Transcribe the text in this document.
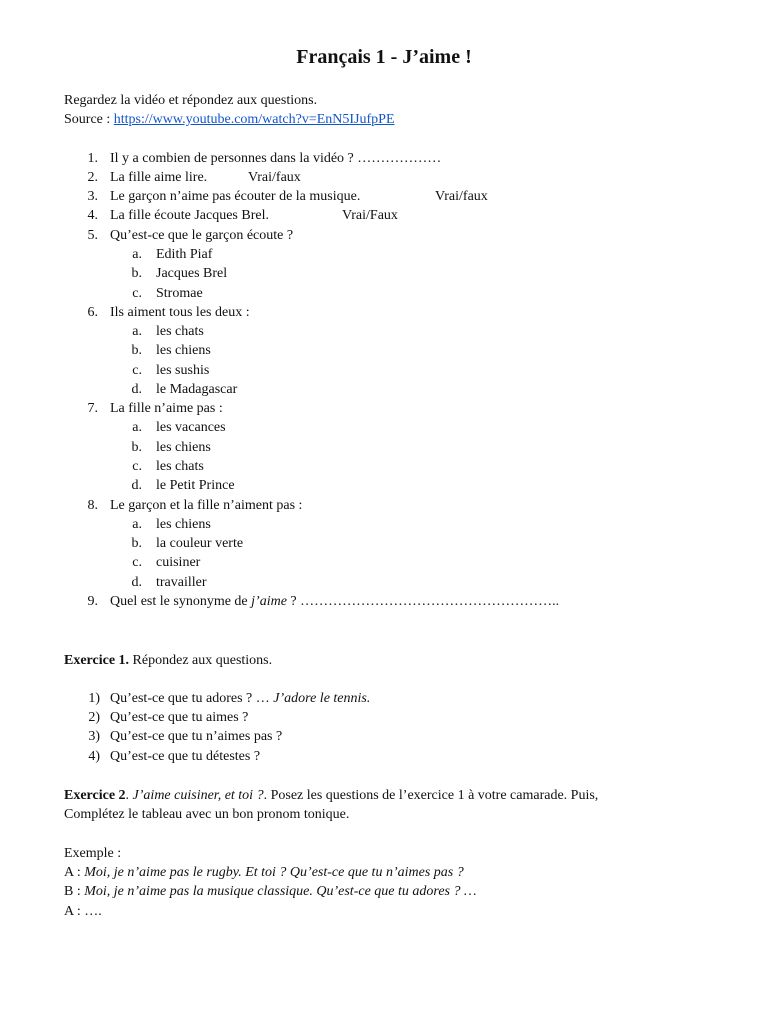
Français 1 - J’aime !
Regardez la vidéo et répondez aux questions.
Source : https://www.youtube.com/watch?v=EnN5IJufpPE
1. Il y a combien de personnes dans la vidéo ? ………………
2. La fille aime lire.	Vrai/faux
3. Le garçon n’aime pas écouter de la musique.	Vrai/faux
4. La fille écoute Jacques Brel.	Vrai/Faux
5. Qu’est-ce que le garçon écoute ?
a. Edith Piaf
b. Jacques Brel
c. Stromae
6. Ils aiment tous les deux :
a. les chats
b. les chiens
c. les sushis
d. le Madagascar
7. La fille n’aime pas :
a. les vacances
b. les chiens
c. les chats
d. le Petit Prince
8. Le garçon et la fille n’aiment pas :
a. les chiens
b. la couleur verte
c. cuisiner
d. travailler
9. Quel est le synonyme de j’aime ? ………………………………………………..
Exercice 1. Répondez aux questions.
1) Qu’est-ce que tu adores ? … J’adore le tennis.
2) Qu’est-ce que tu aimes ?
3) Qu’est-ce que tu n’aimes pas ?
4) Qu’est-ce que tu détestes ?
Exercice 2. J’aime cuisiner, et toi ?. Posez les questions de l’exercice 1 à votre camarade. Puis,
Complétez le tableau avec un bon pronom tonique.
Exemple :
A : Moi, je n’aime pas le rugby. Et toi ? Qu’est-ce que tu n’aimes pas ?
B : Moi, je n’aime pas la musique classique. Qu’est-ce que tu adores ? …
A : ….
